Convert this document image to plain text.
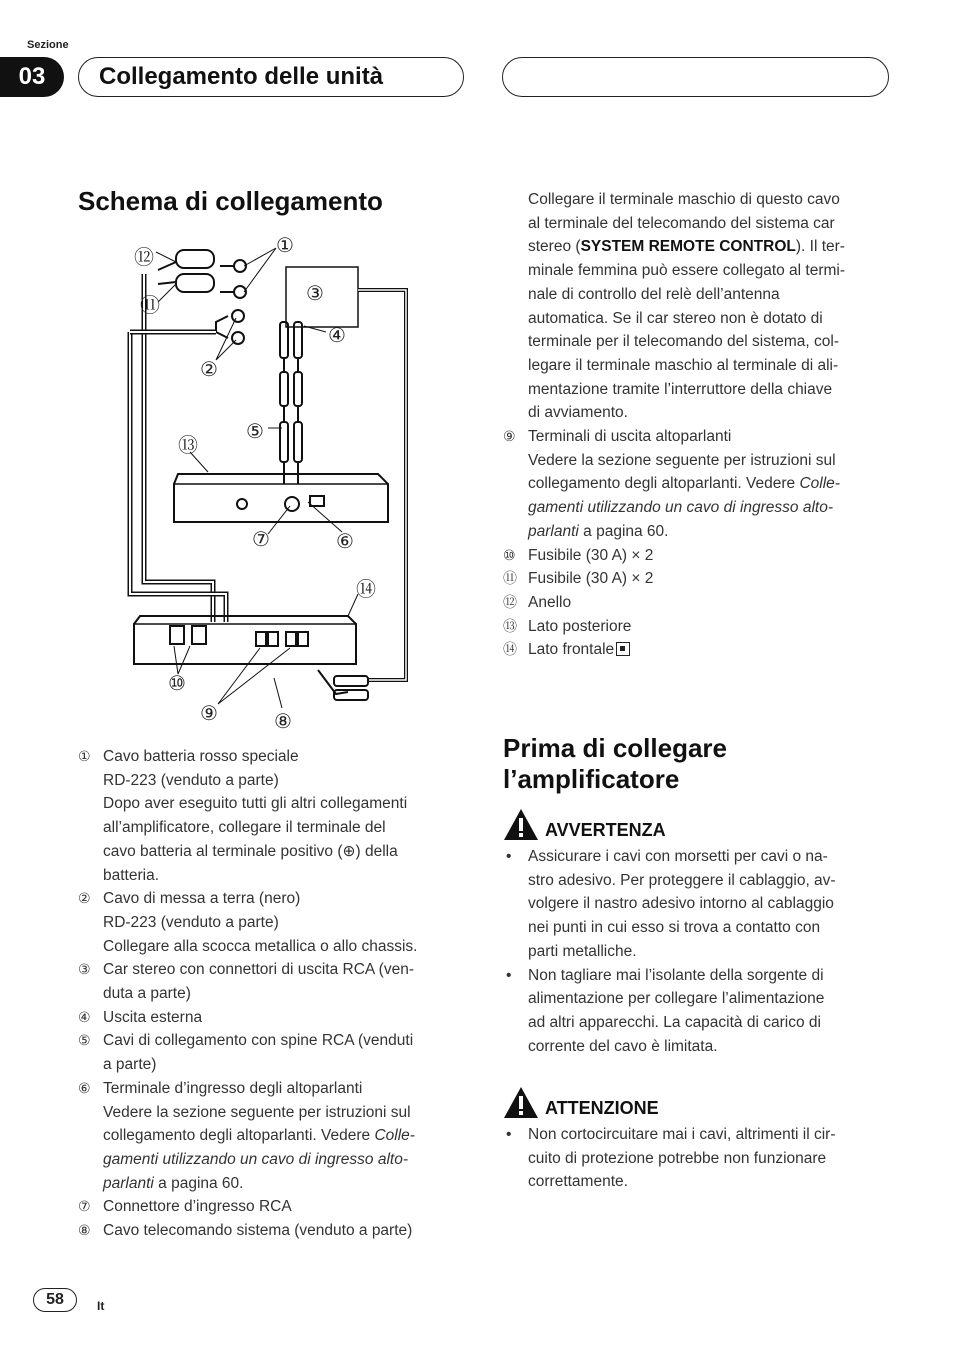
Sezione
03	Collegamento delle unità
Schema di collegamento
①
②
③
④
⑤
⑥
⑦
⑧
⑨
⑩
⑪
⑫
⑬
⑭
① Cavo batteria rosso speciale
RD-223 (venduto a parte)
Dopo aver eseguito tutti gli altri collegamenti
all’amplificatore, collegare il terminale del
cavo batteria al terminale positivo (⊕) della
batteria.
② Cavo di messa a terra (nero)
RD-223 (venduto a parte)
Collegare alla scocca metallica o allo chassis.
③ Car stereo con connettori di uscita RCA (ven-
duta a parte)
④ Uscita esterna
⑤ Cavi di collegamento con spine RCA (venduti
a parte)
⑥ Terminale d’ingresso degli altoparlanti
Vedere la sezione seguente per istruzioni sul
collegamento degli altoparlanti. Vedere Colle-
gamenti utilizzando un cavo di ingresso alto-
parlanti a pagina 60.
⑦ Connettore d’ingresso RCA
⑧ Cavo telecomando sistema (venduto a parte)
Collegare il terminale maschio di questo cavo
al terminale del telecomando del sistema car
stereo (SYSTEM REMOTE CONTROL). Il ter-
minale femmina può essere collegato al termi-
nale di controllo del relè dell’antenna
automatica. Se il car stereo non è dotato di
terminale per il telecomando del sistema, col-
legare il terminale maschio al terminale di ali-
mentazione tramite l’interruttore della chiave
di avviamento.
⑨ Terminali di uscita altoparlanti
Vedere la sezione seguente per istruzioni sul
collegamento degli altoparlanti. Vedere Colle-
gamenti utilizzando un cavo di ingresso alto-
parlanti a pagina 60.
⑩ Fusibile (30 A) × 2
⑪ Fusibile (30 A) × 2
⑫ Anello
⑬ Lato posteriore
⑭ Lato frontale
Prima di collegare
l’amplificatore
AVVERTENZA
•	Assicurare i cavi con morsetti per cavi o na-
stro adesivo. Per proteggere il cablaggio, av-
volgere il nastro adesivo intorno al cablaggio
nei punti in cui esso si trova a contatto con
parti metalliche.
•	Non tagliare mai l’isolante della sorgente di
alimentazione per collegare l’alimentazione
ad altri apparecchi. La capacità di carico di
corrente del cavo è limitata.
ATTENZIONE
•	Non cortocircuitare mai i cavi, altrimenti il cir-
cuito di protezione potrebbe non funzionare
correttamente.
58	It
